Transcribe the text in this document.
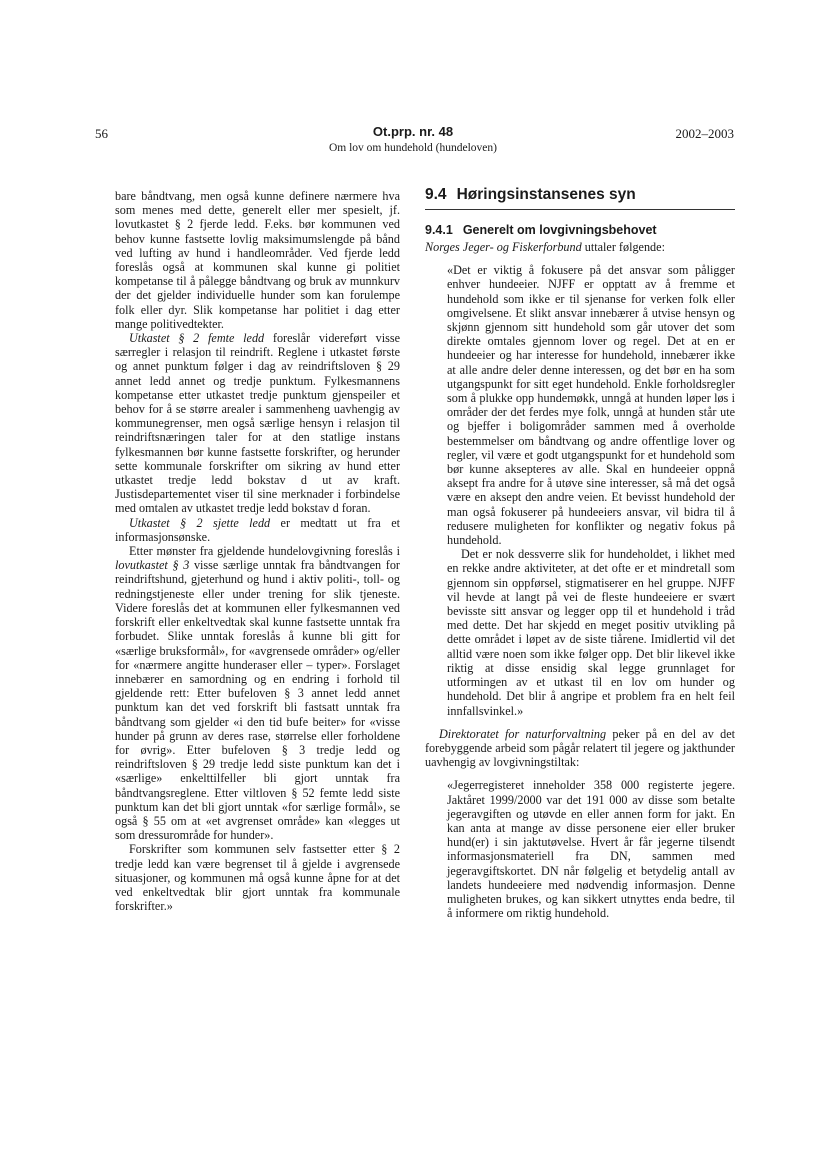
56	Ot.prp. nr. 48
Om lov om hundehold (hundeloven)
2002–2003

bare båndtvang, men også kunne definere nærmere hva som menes med dette, generelt eller mer spesielt, jf. lovutkastet § 2 fjerde ledd. F.eks. bør kommunen ved behov kunne fastsette lovlig maksimumslengde på bånd ved lufting av hund i handleområder. Ved fjerde ledd foreslås også at kommunen skal kunne gi politiet kompetanse til å pålegge båndtvang og bruk av munnkurv der det gjelder individuelle hunder som kan forulempe folk eller dyr. Slik kompetanse har politiet i dag etter mange politivedtekter.

Utkastet § 2 femte ledd foreslår videreført visse særregler i relasjon til reindrift. Reglene i utkastet første og annet punktum følger i dag av reindriftsloven § 29 annet ledd annet og tredje punktum. Fylkesmannens kompetanse etter utkastet tredje punktum gjenspeiler et behov for å se større arealer i sammenheng uavhengig av kommunegrenser, men også særlige hensyn i relasjon til reindriftsnæringen taler for at den statlige instans fylkesmannen bør kunne fastsette forskrifter, og herunder sette kommunale forskrifter om sikring av hund etter utkastet tredje ledd bokstav d ut av kraft. Justisdepartementet viser til sine merknader i forbindelse med omtalen av utkastet tredje ledd bokstav d foran.

Utkastet § 2 sjette ledd er medtatt ut fra et informasjonsønske.

Etter mønster fra gjeldende hundelovgivning foreslås i lovutkastet § 3 visse særlige unntak fra båndtvangen for reindriftshund, gjeterhund og hund i aktiv politi-, toll- og redningstjeneste eller under trening for slik tjeneste. Videre foreslås det at kommunen eller fylkesmannen ved forskrift eller enkeltvedtak skal kunne fastsette unntak fra forbudet. Slike unntak foreslås å kunne bli gitt for «særlige bruksformål», for «avgrensede områder» og/eller for «nærmere angitte hunderaser eller – typer». Forslaget innebærer en samordning og en endring i forhold til gjeldende rett: Etter bufeloven § 3 annet ledd annet punktum kan det ved forskrift bli fastsatt unntak fra båndtvang som gjelder «i den tid bufe beiter» for «visse hunder på grunn av deres rase, størrelse eller forholdene for øvrig». Etter bufeloven § 3 tredje ledd og reindriftsloven § 29 tredje ledd siste punktum kan det i «særlige» enkelttilfeller bli gjort unntak fra båndtvangsreglene. Etter viltloven § 52 femte ledd siste punktum kan det bli gjort unntak «for særlige formål», se også § 55 om at «et avgrenset område» kan «legges ut som dressurområde for hunder».

Forskrifter som kommunen selv fastsetter etter § 2 tredje ledd kan være begrenset til å gjelde i avgrensede situasjoner, og kommunen må også kunne åpne for at det ved enkeltvedtak blir gjort unntak fra kommunale forskrifter.»

9.4 Høringsinstansenes syn
9.4.1 Generelt om lovgivningsbehovet

Norges Jeger- og Fiskerforbund uttaler følgende:

«Det er viktig å fokusere på det ansvar som påligger enhver hundeeier. NJFF er opptatt av å fremme et hundehold som ikke er til sjenanse for verken folk eller omgivelsene. Et slikt ansvar innebærer å utvise hensyn og skjønn gjennom sitt hundehold som går utover det som direkte omtales gjennom lover og regel. Det at en er hundeeier og har interesse for hundehold, innebærer ikke at alle andre deler denne interessen, og det bør en ha som utgangspunkt for sitt eget hundehold. Enkle forholdsregler som å plukke opp hundemøkk, unngå at hunden løper løs i områder der det ferdes mye folk, unngå at hunden står ute og bjeffer i boligområder sammen med å overholde bestemmelser om båndtvang og andre offentlige lover og regler, vil være et godt utgangspunkt for et hundehold som bør kunne aksepteres av alle. Skal en hundeeier oppnå aksept fra andre for å utøve sine interesser, så må det også være en aksept den andre veien. Et bevisst hundehold der man også fokuserer på hundeeiers ansvar, vil bidra til å redusere muligheten for konflikter og negativ fokus på hundehold.

Det er nok dessverre slik for hundeholdet, i likhet med en rekke andre aktiviteter, at det ofte er et mindretall som gjennom sin oppførsel, stigmatiserer en hel gruppe. NJFF vil hevde at langt på vei de fleste hundeeiere er svært bevisste sitt ansvar og legger opp til et hundehold i tråd med dette. Det har skjedd en meget positiv utvikling på dette området i løpet av de siste tiårene. Imidlertid vil det alltid være noen som ikke følger opp. Det blir likevel ikke riktig at disse ensidig skal legge grunnlaget for utformingen av et utkast til en lov om hunder og hundehold. Det blir å angripe et problem fra en helt feil innfallsvinkel.»

Direktoratet for naturforvaltning peker på en del av det forebyggende arbeid som pågår relatert til jegere og jakthunder uavhengig av lovgivningstiltak:

«Jegerregisteret inneholder 358 000 registerte jegere. Jaktåret 1999/2000 var det 191 000 av disse som betalte jegeravgiften og utøvde en eller annen form for jakt. En kan anta at mange av disse personene eier eller bruker hund(er) i sin jaktutøvelse. Hvert år får jegerne tilsendt informasjonsmateriell fra DN, sammen med jegeravgiftskortet. DN når følgelig et betydelig antall av landets hundeeiere med nødvendig informasjon. Denne muligheten brukes, og kan sikkert utnyttes enda bedre, til å informere om riktig hundehold.
